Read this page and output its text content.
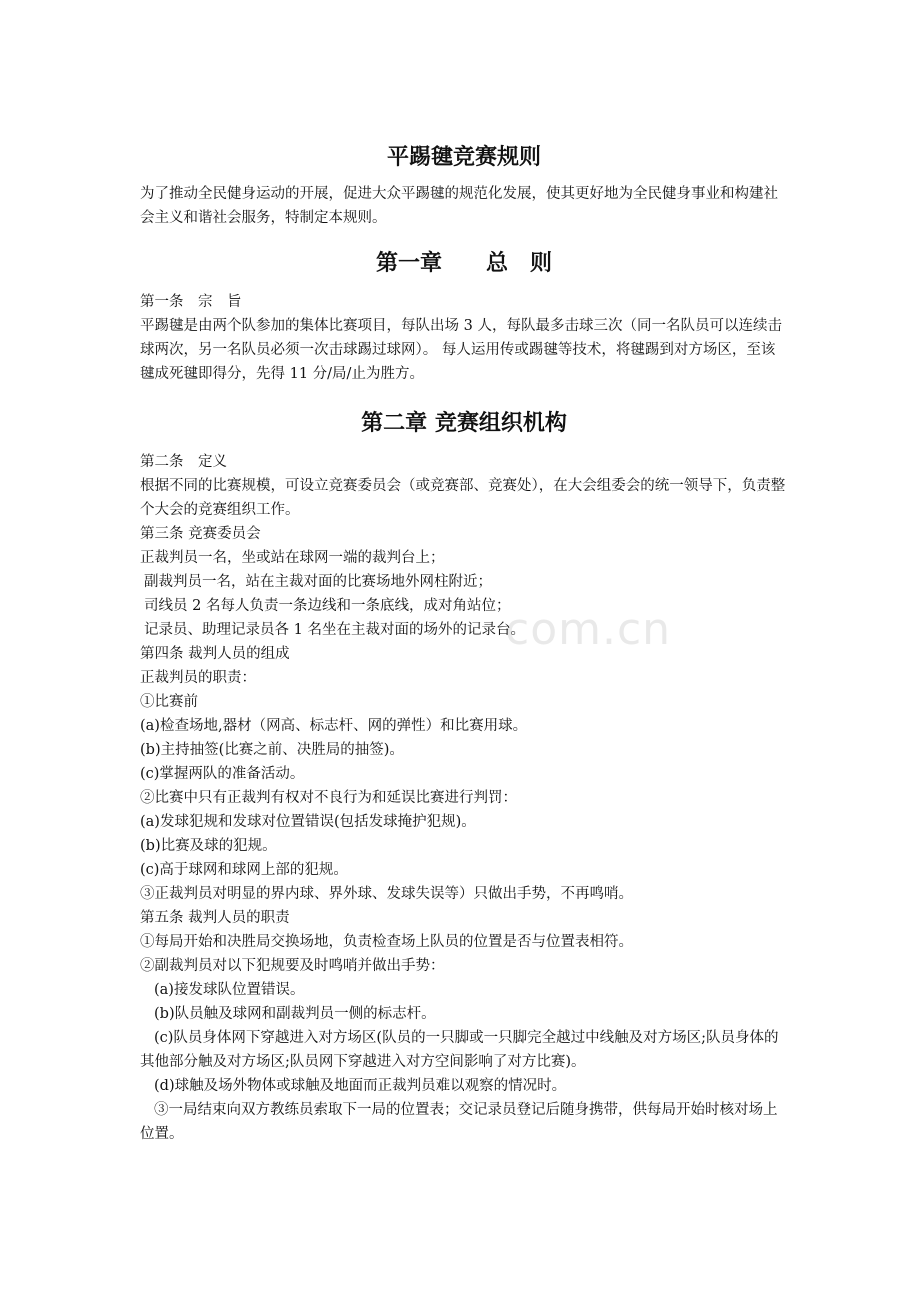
com.cn
平踢毽竞赛规则

为了推动全民健身运动的开展，促进大众平踢毽的规范化发展，使其更好地为全民健身事业和构建社会主义和谐社会服务，特制定本规则。

第一章 总　则

第一条　宗　旨

平踢毽是由两个队参加的集体比赛项目，每队出场 3 人，每队最多击球三次（同一名队员可以连续击球两次，另一名队员必须一次击球踢过球网）。 每人运用传或踢毽等技术，将毽踢到对方场区，至该毽成死毽即得分，先得 11 分/局/止为胜方。

第二章 竞赛组织机构

第二条　定义

根据不同的比赛规模，可设立竞赛委员会（或竞赛部、竞赛处），在大会组委会的统一领导下，负责整个大会的竞赛组织工作。

第三条 竞赛委员会

正裁判员一名，坐或站在球网一端的裁判台上；

副裁判员一名，站在主裁对面的比赛场地外网柱附近；

司线员 2 名每人负责一条边线和一条底线，成对角站位；

记录员、助理记录员各 1 名坐在主裁对面的场外的记录台。

第四条 裁判人员的组成

正裁判员的职责：

①比赛前

(a)检查场地,器材（网高、标志杆、网的弹性）和比赛用球。

(b)主持抽签(比赛之前、决胜局的抽签)。

(c)掌握两队的准备活动。

②比赛中只有正裁判有权对不良行为和延误比赛进行判罚：

(a)发球犯规和发球对位置错误(包括发球掩护犯规)。

(b)比赛及球的犯规。

(c)高于球网和球网上部的犯规。

③正裁判员对明显的界内球、界外球、发球失误等）只做出手势，不再鸣哨。

第五条 裁判人员的职责

①每局开始和决胜局交换场地，负责检查场上队员的位置是否与位置表相符。

②副裁判员对以下犯规要及时鸣哨并做出手势：

(a)接发球队位置错误。

(b)队员触及球网和副裁判员一侧的标志杆。

(c)队员身体网下穿越进入对方场区(队员的一只脚或一只脚完全越过中线触及对方场区;队员身体的其他部分触及对方场区;队员网下穿越进入对方空间影响了对方比赛)。

(d)球触及场外物体或球触及地面而正裁判员难以观察的情况时。

③一局结束向双方教练员索取下一局的位置表；交记录员登记后随身携带，供每局开始时核对场上位置。
